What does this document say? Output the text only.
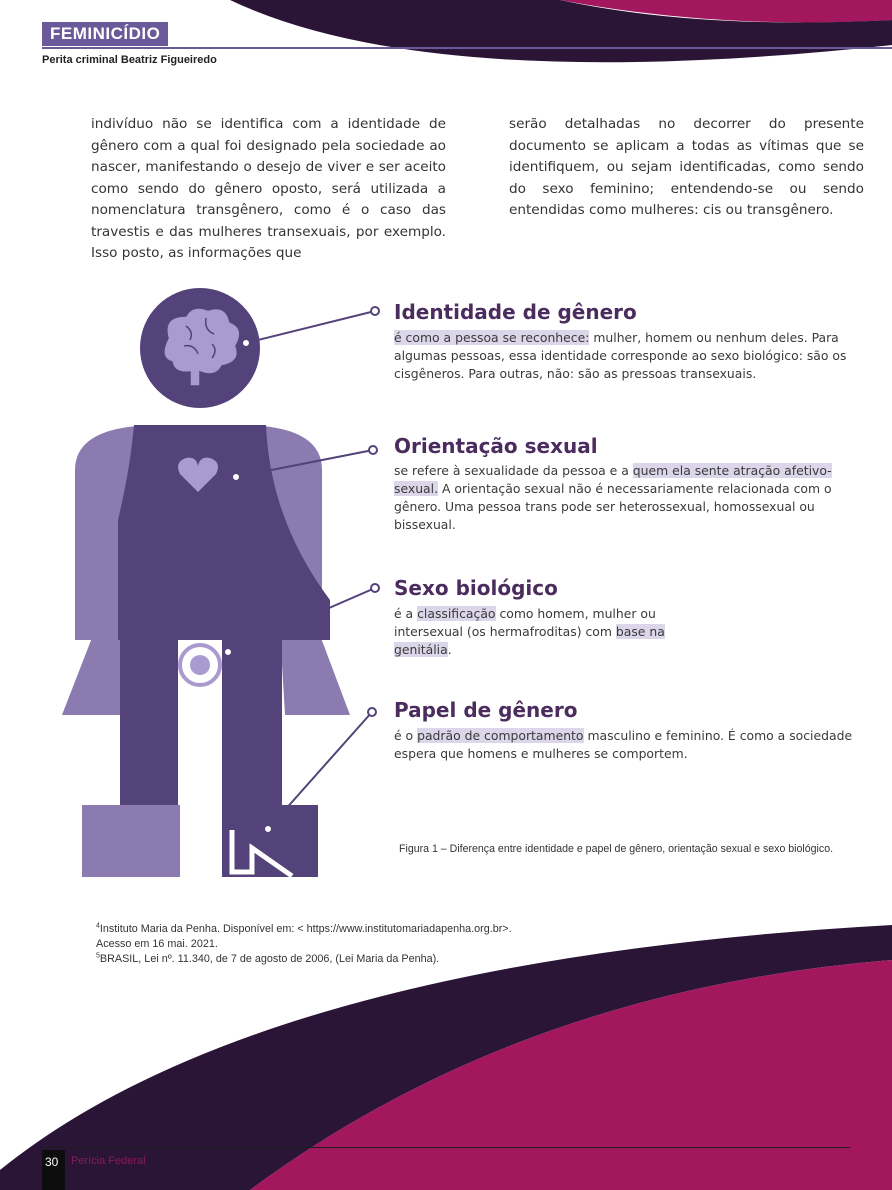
FEMINICÍDIO
Perita criminal Beatriz Figueiredo

indivíduo não se identifica com a identidade de gênero com a qual foi designado pela sociedade ao nascer, manifestando o desejo de viver e ser aceito como sendo do gênero oposto, será utilizada a nomenclatura transgênero, como é o caso das travestis e das mulheres transexuais, por exemplo. Isso posto, as informações que

serão detalhadas no decorrer do presente documento se aplicam a todas as vítimas que se identifiquem, ou sejam identificadas, como sendo do sexo feminino; entendendo-se ou sendo entendidas como mulheres: cis ou transgênero.

Identidade de gênero

é como a pessoa se reconhece: mulher, homem ou nenhum deles. Para algumas pessoas, essa identidade corresponde ao sexo biológico: são os cisgêneros. Para outras, não: são as pressoas transexuais.

Orientação sexual

se refere à sexualidade da pessoa e a quem ela sente atração afetivo-sexual. A orientação sexual não é necessariamente relacionada com o gênero. Uma pessoa trans pode ser heterossexual, homossexual ou bissexual.

Sexo biológico

é a classificação como homem, mulher ou intersexual (os hermafroditas) com base na genitália.

Papel de gênero

é o padrão de comportamento masculino e feminino. É como a sociedade espera que homens e mulheres se comportem.

Figura 1 – Diferença entre identidade e papel de gênero, orientação sexual e sexo biológico.
$^4$Instituto Maria da Penha. Disponível em: < https://www.institutomariadapenha.org.br>.
Acesso em 16 mai. 2021.
$^5$BRASIL, Lei nº. 11.340, de 7 de agosto de 2006, (Lei Maria da Penha).
30 Perícia Federal
